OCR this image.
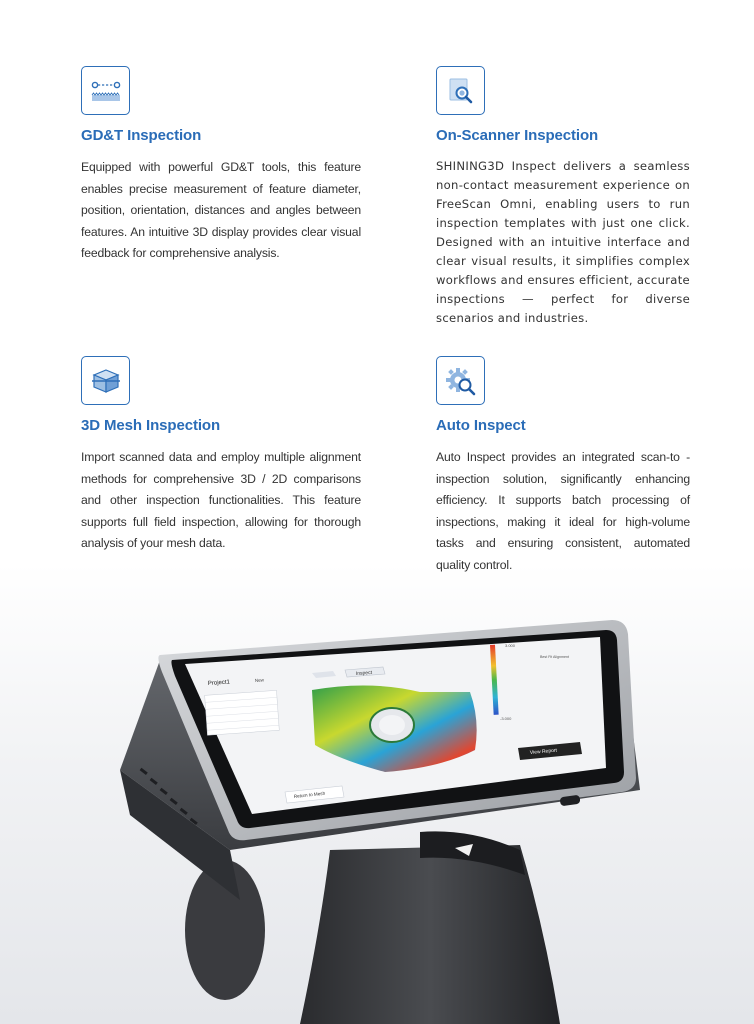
GD&T Inspection
Equipped with powerful GD&T tools, this feature enables precise measurement of feature diameter, position, orientation, distances and angles between features. An intuitive 3D display provides clear visual feedback for comprehensive analysis.
On-Scanner Inspection
SHINING3D Inspect delivers a seamless non-contact measurement experience on FreeScan Omni, enabling users to run inspection templates with just one click. Designed with an intuitive interface and clear visual results, it simplifies complex workflows and ensures efficient, accurate inspections — perfect for diverse scenarios and industries.
3D Mesh Inspection
Import scanned data and employ multiple alignment methods for comprehensive 3D / 2D comparisons and other inspection functionalities. This feature supports full field inspection, allowing for thorough analysis of your mesh data.
Auto Inspect
Auto Inspect provides an integrated scan-to -inspection solution, significantly enhancing efficiency. It supports batch processing of inspections, making it ideal for high-volume tasks and ensuring consistent, automated quality control.
Inspect
Project1	New
3.000
-3.000
Best Fit Alignment
View Report
Return to Mesh
